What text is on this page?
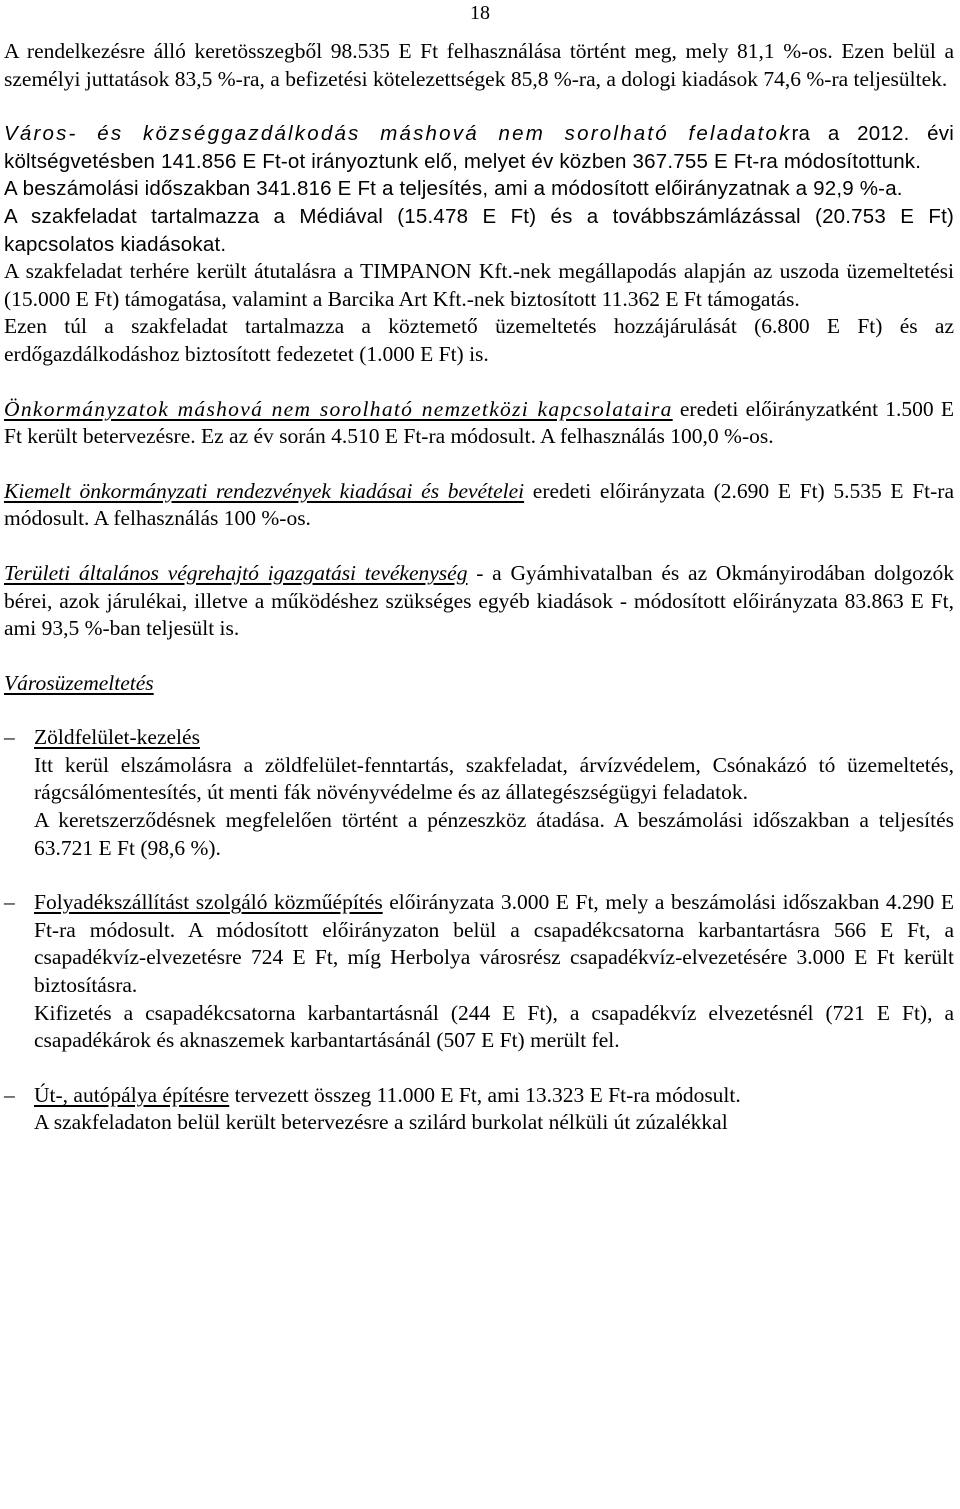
18

A rendelkezésre álló keretösszegből 98.535 E Ft felhasználása történt meg, mely 81,1 %-os. Ezen belül a személyi juttatások 83,5 %-ra, a befizetési kötelezettségek 85,8 %-ra, a dologi kiadások 74,6 %-ra teljesültek.

Város- és községgazdálkodás máshová nem sorolható feladatokra a 2012. évi költségvetésben 141.856 E Ft-ot irányoztunk elő, melyet év közben 367.755 E Ft-ra módosítottunk.

A beszámolási időszakban 341.816 E Ft a teljesítés, ami a módosított előirányzatnak a 92,9 %-a.

A szakfeladat tartalmazza a Médiával (15.478 E Ft) és a továbbszámlázással (20.753 E Ft) kapcsolatos kiadásokat.

A szakfeladat terhére került átutalásra a TIMPANON Kft.-nek megállapodás alapján az uszoda üzemeltetési (15.000 E Ft) támogatása, valamint a Barcika Art Kft.-nek biztosított 11.362 E Ft támogatás.

Ezen túl a szakfeladat tartalmazza a köztemető üzemeltetés hozzájárulását (6.800 E Ft) és az erdőgazdálkodáshoz biztosított fedezetet (1.000 E Ft) is.

Önkormányzatok máshová nem sorolható nemzetközi kapcsolataira eredeti előirányzatként 1.500 E Ft került betervezésre. Ez az év során 4.510 E Ft-ra módosult. A felhasználás 100,0 %-os.

Kiemelt önkormányzati rendezvények kiadásai és bevételei eredeti előirányzata (2.690 E Ft) 5.535 E Ft-ra módosult. A felhasználás 100 %-os.

Területi általános végrehajtó igazgatási tevékenység - a Gyámhivatalban és az Okmányirodában dolgozók bérei, azok járulékai, illetve a működéshez szükséges egyéb kiadások - módosított előirányzata 83.863 E Ft, ami 93,5 %-ban teljesült is.

Városüzemeltetés

– Zöldfelület-kezelés

Itt kerül elszámolásra a zöldfelület-fenntartás, szakfeladat, árvízvédelem, Csónakázó tó üzemeltetés, rágcsálómentesítés, út menti fák növényvédelme és az állategészségügyi feladatok.

A keretszerződésnek megfelelően történt a pénzeszköz átadása. A beszámolási időszakban a teljesítés 63.721 E Ft (98,6 %).

– Folyadékszállítást szolgáló közműépítés előirányzata 3.000 E Ft, mely a beszámolási időszakban 4.290 E Ft-ra módosult. A módosított előirányzaton belül a csapadékcsatorna karbantartásra 566 E Ft, a csapadékvíz-elvezetésre 724 E Ft, míg Herbolya városrész csapadékvíz-elvezetésére 3.000 E Ft került biztosításra.

Kifizetés a csapadékcsatorna karbantartásnál (244 E Ft), a csapadékvíz elvezetésnél (721 E Ft), a csapadékárok és aknaszemek karbantartásánál (507 E Ft) merült fel.

– Út-, autópálya építésre tervezett összeg 11.000 E Ft, ami 13.323 E Ft-ra módosult.

A szakfeladaton belül került betervezésre a szilárd burkolat nélküli út zúzalékkal
